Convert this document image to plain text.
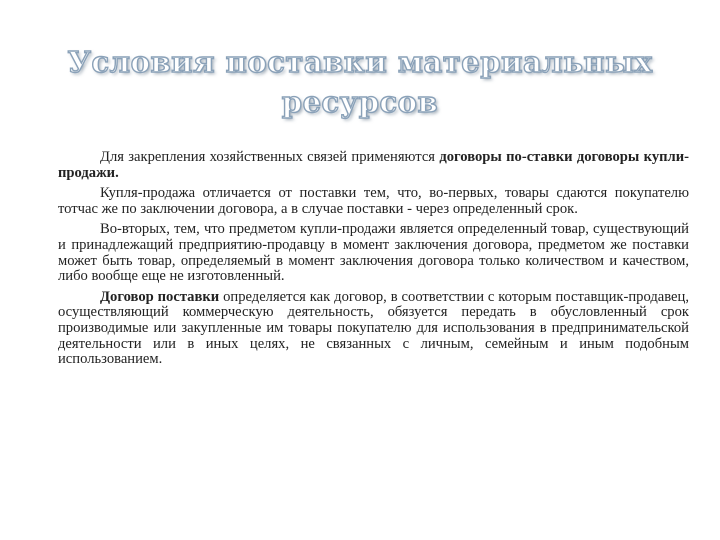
Условия поставки материальных ресурсов

Для закрепления хозяйственных связей применяются договоры по-ставки договоры купли-продажи.

Купля-продажа отличается от поставки тем, что, во-первых, товары сдаются покупателю тотчас же по заключении договора, а в случае поставки - через определенный срок.

Во-вторых, тем, что предметом купли-продажи является определенный товар, существующий и принадлежащий предприятию-продавцу в момент заключения договора, предметом же поставки может быть товар, определяемый в момент заключения договора только количеством и качеством, либо вообще еще не изготовленный.

Договор поставки определяется как договор, в соответствии с которым поставщик-продавец, осуществляющий коммерческую деятельность, обязуется передать в обусловленный срок производимые или закупленные им товары покупателю для использования в предпринимательской деятельности или в иных целях, не связанных с личным, семейным и иным подобным использованием.
